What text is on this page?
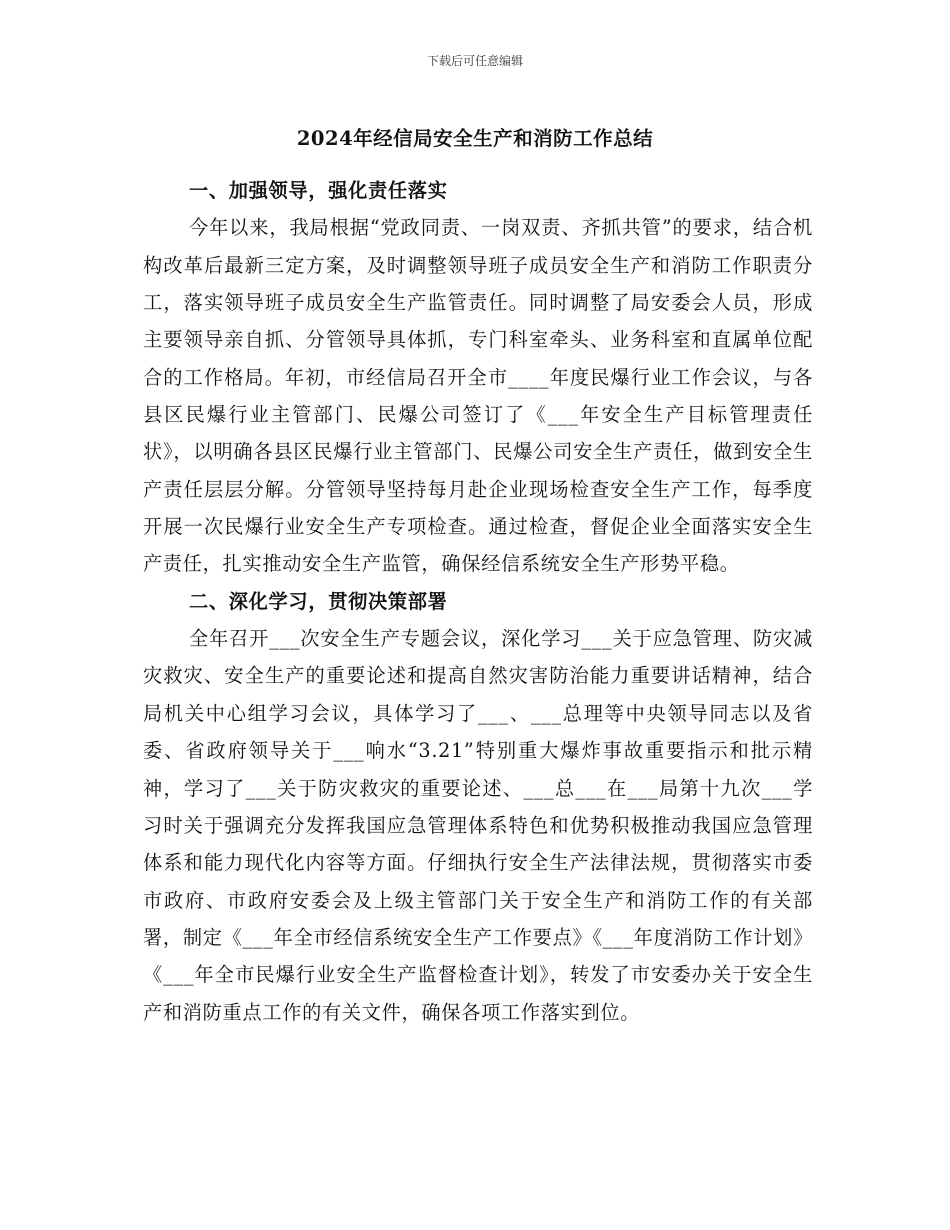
下载后可任意编辑
2024年经信局安全生产和消防工作总结

一、加强领导，强化责任落实

今年以来，我局根据“党政同责、一岗双责、齐抓共管”的要求，结合机构改革后最新三定方案，及时调整领导班子成员安全生产和消防工作职责分工，落实领导班子成员安全生产监管责任。同时调整了局安委会人员，形成主要领导亲自抓、分管领导具体抓，专门科室牵头、业务科室和直属单位配合的工作格局。年初，市经信局召开全市____年度民爆行业工作会议，与各县区民爆行业主管部门、民爆公司签订了《___年安全生产目标管理责任状》，以明确各县区民爆行业主管部门、民爆公司安全生产责任，做到安全生产责任层层分解。分管领导坚持每月赴企业现场检查安全生产工作，每季度开展一次民爆行业安全生产专项检查。通过检查，督促企业全面落实安全生产责任，扎实推动安全生产监管，确保经信系统安全生产形势平稳。

二、深化学习，贯彻决策部署

全年召开___次安全生产专题会议，深化学习___关于应急管理、防灾减灾救灾、安全生产的重要论述和提高自然灾害防治能力重要讲话精神，结合局机关中心组学习会议，具体学习了___、___总理等中央领导同志以及省委、省政府领导关于___响水“3.21”特别重大爆炸事故重要指示和批示精神，学习了___关于防灾救灾的重要论述、___总___在___局第十九次___学习时关于强调充分发挥我国应急管理体系特色和优势积极推动我国应急管理体系和能力现代化内容等方面。仔细执行安全生产法律法规，贯彻落实市委市政府、市政府安委会及上级主管部门关于安全生产和消防工作的有关部署，制定《___年全市经信系统安全生产工作要点》《___年度消防工作计划》《___年全市民爆行业安全生产监督检查计划》，转发了市安委办关于安全生产和消防重点工作的有关文件，确保各项工作落实到位。
